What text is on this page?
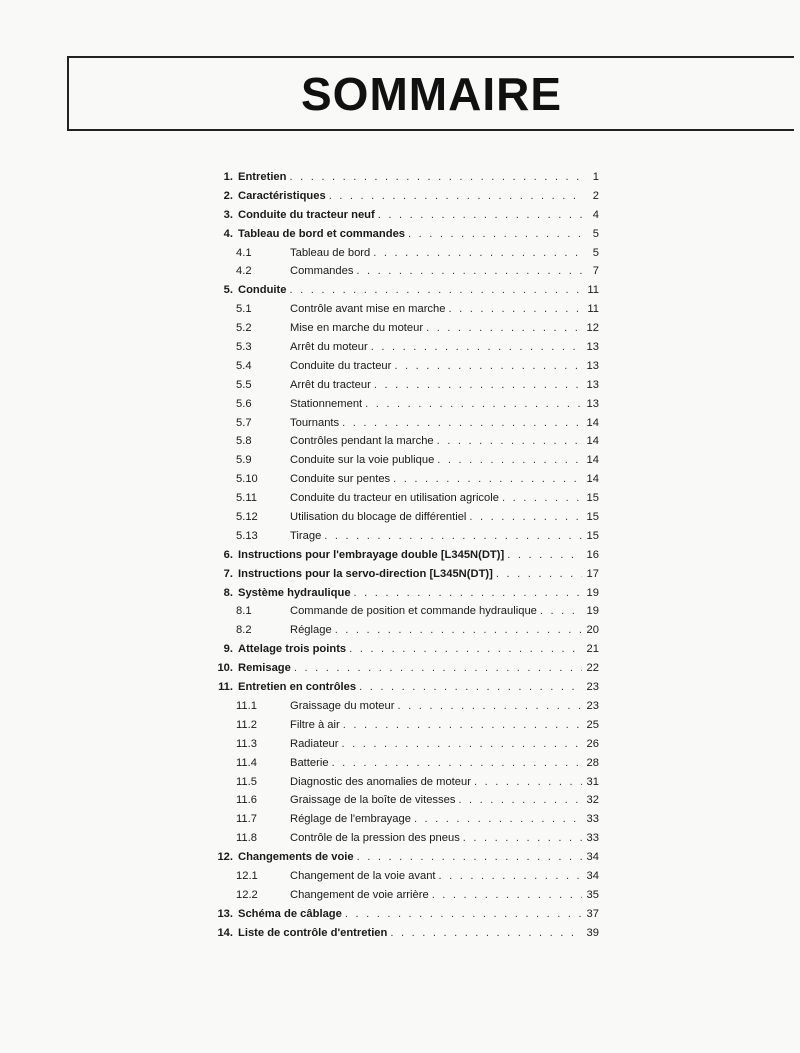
SOMMAIRE
1. Entretien . . .	1
2. Caractéristiques . . .	2
3. Conduite du tracteur neuf . . .	4
4. Tableau de bord et commandes . . .	5
4.1	Tableau de bord . . .	5
4.2	Commandes . . .	7
5. Conduite . . .	11
5.1	Contrôle avant mise en marche . . .	11
5.2	Mise en marche du moteur . . .	12
5.3	Arrêt du moteur . . .	13
5.4	Conduite du tracteur . . .	13
5.5	Arrêt du tracteur . . .	13
5.6	Stationnement . . .	13
5.7	Tournants . . .	14
5.8	Contrôles pendant la marche . . .	14
5.9	Conduite sur la voie publique . . .	14
5.10	Conduite sur pentes . . .	14
5.11	Conduite du tracteur en utilisation agricole . . .	15
5.12	Utilisation du blocage de différentiel . . .	15
5.13	Tirage . . .	15
6. Instructions pour l'embrayage double [L345N(DT)] . . .	16
7. Instructions pour la servo-direction [L345N(DT)] . . .	17
8. Système hydraulique . . .	19
8.1	Commande de position et commande hydraulique . . .	19
8.2	Réglage . . .	20
9. Attelage trois points . . .	21
10. Remisage . . .	22
11. Entretien en contrôles . . .	23
11.1	Graissage du moteur . . .	23
11.2	Filtre à air . . .	25
11.3	Radiateur . . .	26
11.4	Batterie . . .	28
11.5	Diagnostic des anomalies de moteur . . .	31
11.6	Graissage de la boîte de vitesses . . .	32
11.7	Réglage de l'embrayage . . .	33
11.8	Contrôle de la pression des pneus . . .	33
12. Changements de voie . . .	34
12.1	Changement de la voie avant . . .	34
12.2	Changement de voie arrière . . .	35
13. Schéma de câblage . . .	37
14. Liste de contrôle d'entretien . . .	39
